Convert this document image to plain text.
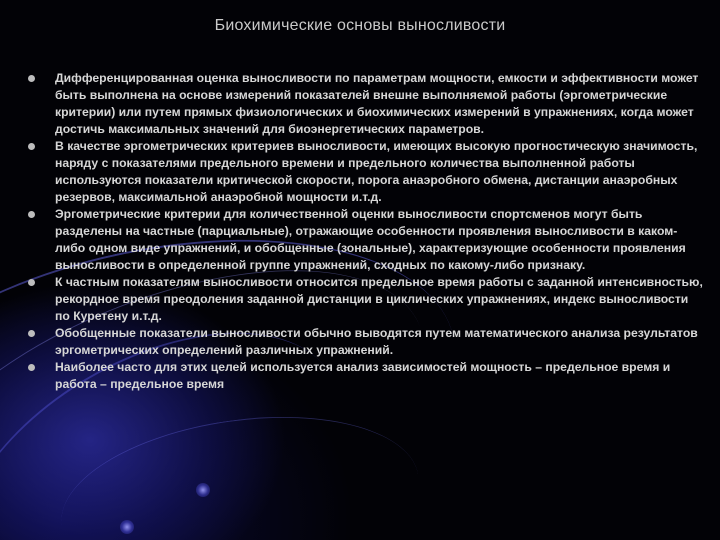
Биохимические основы выносливости
Дифференцированная оценка выносливости по параметрам мощности, емкости и эффективности может быть выполнена на основе измерений показателей внешне выполняемой работы (эргометрические критерии) или путем прямых физиологических и биохимических измерений в упражнениях, когда может достичь максимальных значений для биоэнергетических параметров.
В качестве эргометрических критериев выносливости, имеющих высокую прогностическую значимость, наряду с показателями предельного времени и предельного количества выполненной работы используются показатели критической скорости, порога анаэробного обмена, дистанции анаэробных резервов, максимальной анаэробной мощности и.т.д.
Эргометрические критерии для количественной оценки выносливости спортсменов могут быть разделены на частные (парциальные), отражающие особенности проявления выносливости в каком-либо одном виде упражнений, и обобщенные (зональные), характеризующие особенности проявления выносливости в определенной группе упражнений, сходных по какому-либо признаку.
К частным показателям выносливости относится предельное время работы с заданной интенсивностью, рекордное время преодоления заданной дистанции в циклических упражнениях, индекс выносливости по Куретену и.т.д.
Обобщенные показатели выносливости обычно выводятся путем математического анализа результатов эргометрических определений различных упражнений.
Наиболее часто для этих целей используется анализ зависимостей мощность – предельное время и работа – предельное время
